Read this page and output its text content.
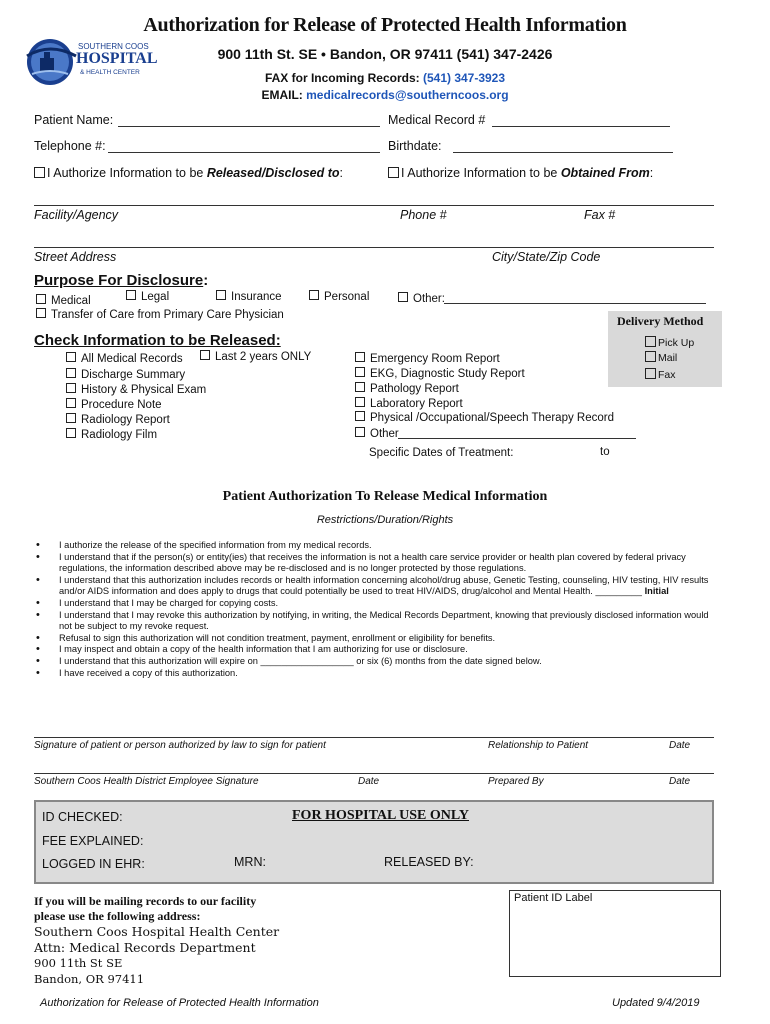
SOUTHERN COOS
HOSPITAL
& HEALTH CENTER
Authorization for Release of Protected Health Information
900 11th St. SE • Bandon, OR 97411 (541) 347-2426
FAX for Incoming Records: (541) 347-3923
EMAIL: medicalrecords@southerncoos.org
Patient Name:	Medical Record #
Telephone #:	Birthdate:
I Authorize Information to be Released/Disclosed to:	I Authorize Information to be Obtained From:
Facility/Agency	Phone #	Fax #
Street Address	City/State/Zip Code
Purpose For Disclosure:
Medical	Legal	Insurance	Personal	Other:
Transfer of Care from Primary Care Physician	Delivery Method
Pick Up
Mail
Fax
Check Information to be Released:
All Medical Records	Last 2 years ONLY
Discharge Summary
History & Physical Exam
Procedure Note
Radiology Report
Radiology Film
Emergency Room Report
EKG, Diagnostic Study Report
Pathology Report
Laboratory Report
Physical /Occupational/Speech Therapy Record
Other
Specific Dates of Treatment:	to
Patient Authorization To Release Medical Information
Restrictions/Duration/Rights
• I authorize the release of the specified information from my medical records.
• I understand that if the person(s) or entity(ies) that receives the information is not a health care service provider or health plan covered by federal privacy regulations, the information described above may be re-disclosed and is no longer protected by those regulations.
• I understand that this authorization includes records or health information concerning alcohol/drug abuse, Genetic Testing, counseling, HIV testing, HIV results and/or AIDS information and does apply to drugs that could potentially be used to treat HIV/AIDS, drug/alcohol and Mental Health. _________ Initial
• I understand that I may be charged for copying costs.
• I understand that I may revoke this authorization by notifying, in writing, the Medical Records Department, knowing that previously disclosed information would not be subject to my revoke request.
• Refusal to sign this authorization will not condition treatment, payment, enrollment or eligibility for benefits.
• I may inspect and obtain a copy of the health information that I am authorizing for use or disclosure.
• I understand that this authorization will expire on __________________ or six (6) months from the date signed below.
• I have received a copy of this authorization.
Signature of patient or person authorized by law to sign for patient	Relationship to Patient	Date
Southern Coos Health District Employee Signature	Date	Prepared By	Date
ID CHECKED:	FOR HOSPITAL USE ONLY
FEE EXPLAINED:
LOGGED IN EHR:	MRN:	RELEASED BY:
If you will be mailing records to our facility
please use the following address:
Southern Coos Hospital Health Center
Attn: Medical Records Department
900 11th St SE
Bandon, OR 97411
Patient ID Label
Authorization for Release of Protected Health Information	Updated 9/4/2019
